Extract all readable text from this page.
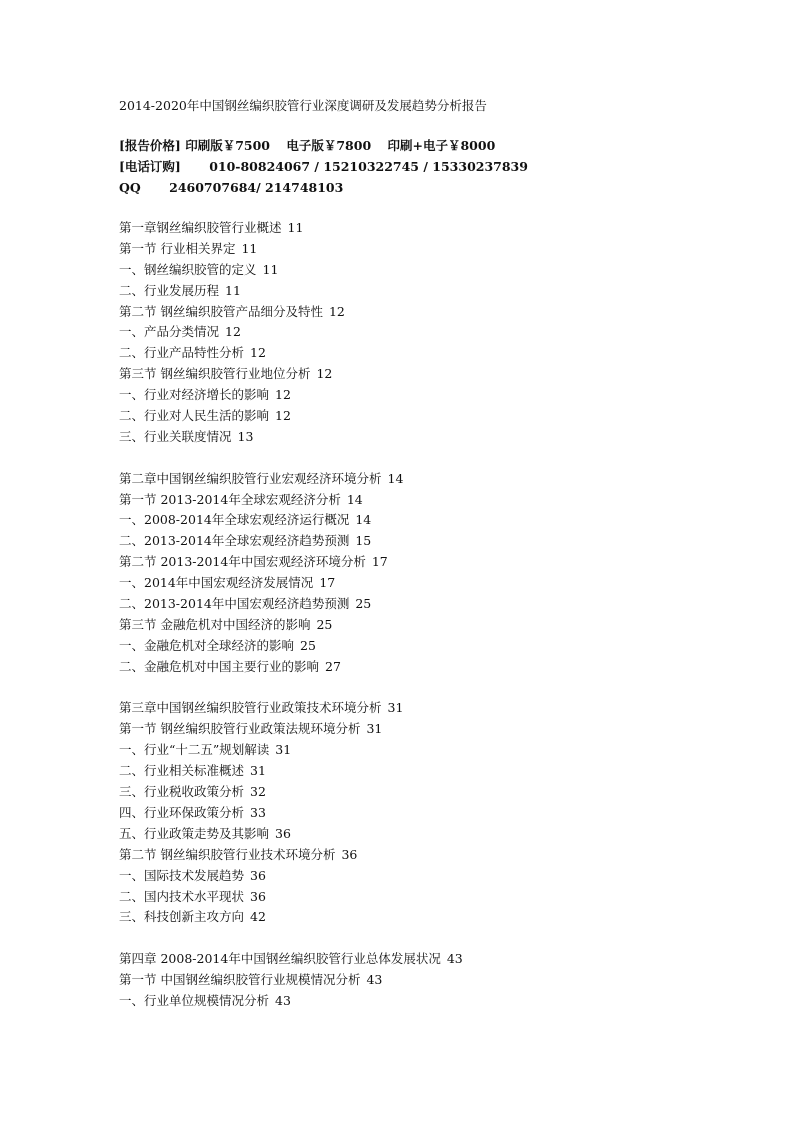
2014-2020年中国钢丝编织胶管行业深度调研及发展趋势分析报告
[报告价格] 印刷版￥7500 电子版￥7800 印刷+电子￥8000
[电话订购] 010-80824067 / 15210322745 / 15330237839
QQ 2460707684/ 214748103
第一章钢丝编织胶管行业概述 11
第一节 行业相关界定 11
一、钢丝编织胶管的定义 11
二、行业发展历程 11
第二节 钢丝编织胶管产品细分及特性 12
一、产品分类情况 12
二、行业产品特性分析 12
第三节 钢丝编织胶管行业地位分析 12
一、行业对经济增长的影响 12
二、行业对人民生活的影响 12
三、行业关联度情况 13
第二章中国钢丝编织胶管行业宏观经济环境分析 14
第一节 2013-2014年全球宏观经济分析 14
一、2008-2014年全球宏观经济运行概况 14
二、2013-2014年全球宏观经济趋势预测 15
第二节 2013-2014年中国宏观经济环境分析 17
一、2014年中国宏观经济发展情况 17
二、2013-2014年中国宏观经济趋势预测 25
第三节 金融危机对中国经济的影响 25
一、金融危机对全球经济的影响 25
二、金融危机对中国主要行业的影响 27
第三章中国钢丝编织胶管行业政策技术环境分析 31
第一节 钢丝编织胶管行业政策法规环境分析 31
一、行业“十二五”规划解读 31
二、行业相关标准概述 31
三、行业税收政策分析 32
四、行业环保政策分析 33
五、行业政策走势及其影响 36
第二节 钢丝编织胶管行业技术环境分析 36
一、国际技术发展趋势 36
二、国内技术水平现状 36
三、科技创新主攻方向 42
第四章 2008-2014年中国钢丝编织胶管行业总体发展状况 43
第一节 中国钢丝编织胶管行业规模情况分析 43
一、行业单位规模情况分析 43
